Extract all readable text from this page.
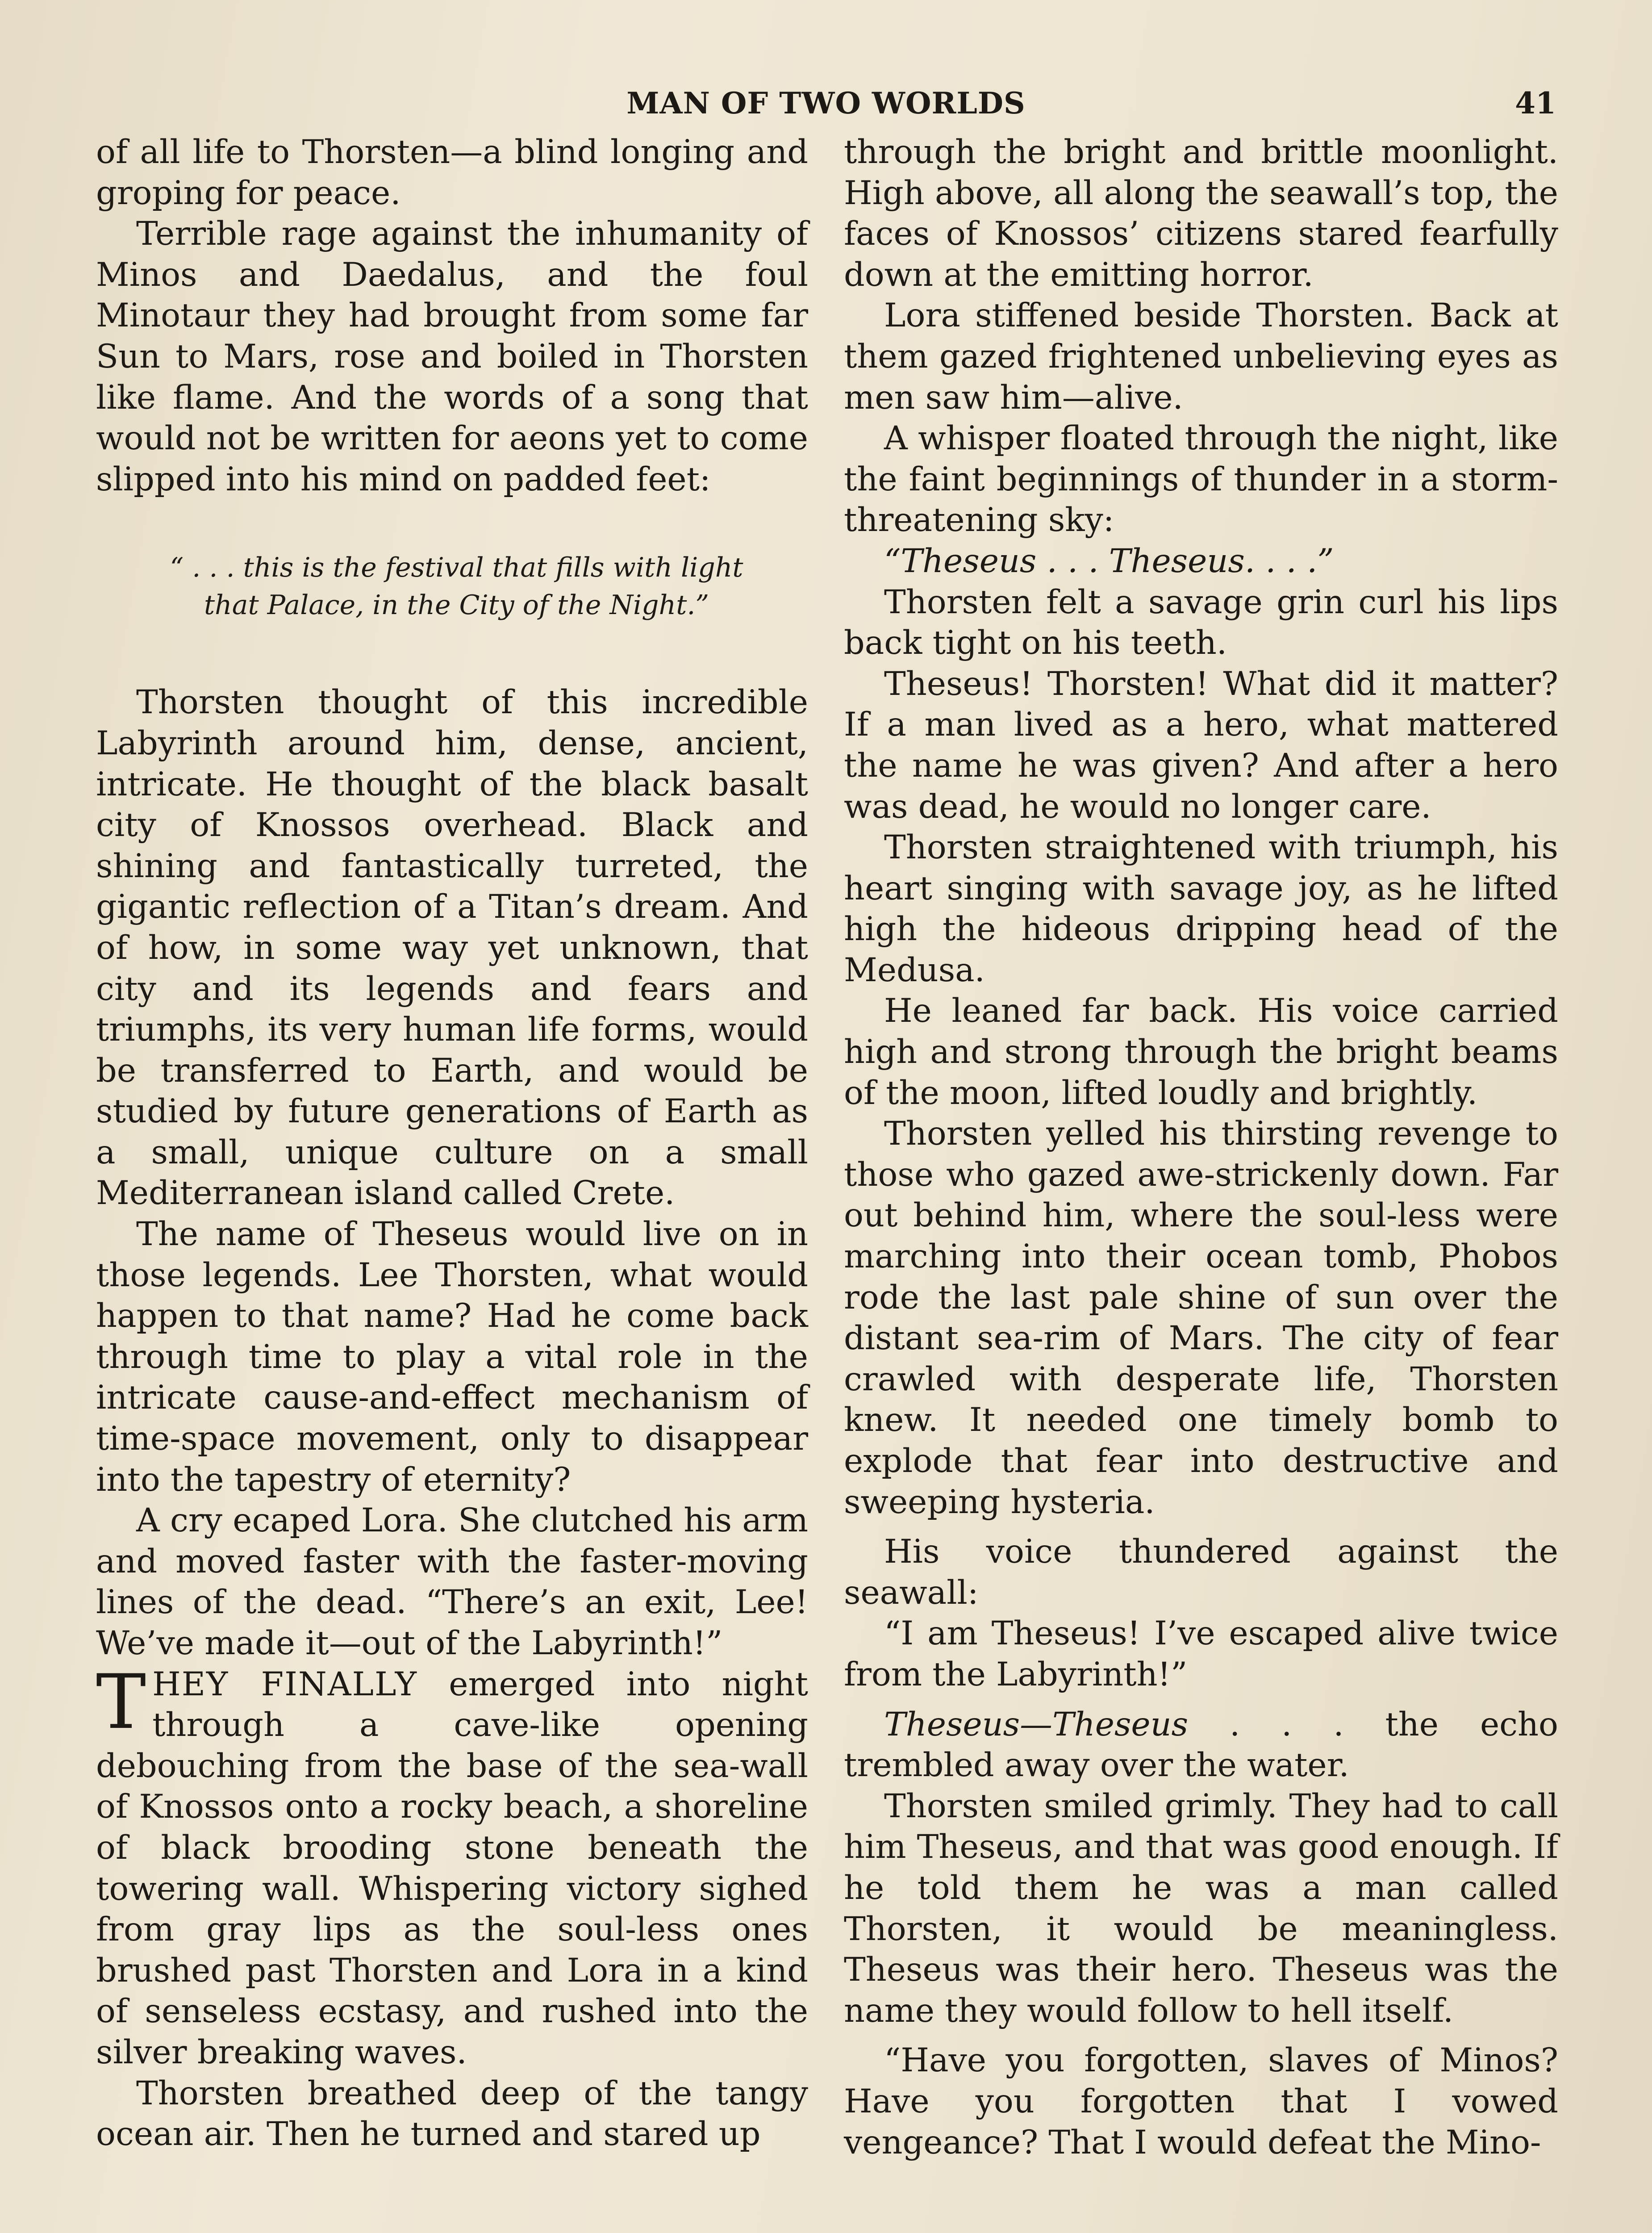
MAN OF TWO WORLDS	41

of all life to Thorsten—a blind longing and groping for peace.

Terrible rage against the inhumanity of Minos and Daedalus, and the foul Minotaur they had brought from some far Sun to Mars, rose and boiled in Thorsten like flame. And the words of a song that would not be written for aeons yet to come slipped into his mind on padded feet:

“ . . . this is the festival that fills with light
that Palace, in the City of the Night.”

Thorsten thought of this incredible Labyrinth around him, dense, ancient, intricate. He thought of the black basalt city of Knossos overhead. Black and shining and fantastically turreted, the gigantic reflection of a Titan’s dream. And of how, in some way yet unknown, that city and its legends and fears and triumphs, its very human life forms, would be transferred to Earth, and would be studied by future generations of Earth as a small, unique culture on a small Mediterranean island called Crete.

The name of Theseus would live on in those legends. Lee Thorsten, what would happen to that name? Had he come back through time to play a vital role in the intricate cause-and-effect mechanism of time-space movement, only to disappear into the tapestry of eternity?

A cry ecaped Lora. She clutched his arm and moved faster with the faster-moving lines of the dead. “There’s an exit, Lee! We’ve made it—out of the Labyrinth!”

THEY FINALLY emerged into night through a cave-like opening debouching from the base of the sea-wall of Knossos onto a rocky beach, a shoreline of black brooding stone beneath the towering wall. Whispering victory sighed from gray lips as the soul-less ones brushed past Thorsten and Lora in a kind of senseless ecstasy, and rushed into the silver breaking waves.

Thorsten breathed deep of the tangy ocean air. Then he turned and stared up

through the bright and brittle moonlight. High above, all along the seawall’s top, the faces of Knossos’ citizens stared fearfully down at the emitting horror.

Lora stiffened beside Thorsten. Back at them gazed frightened unbelieving eyes as men saw him—alive.

A whisper floated through the night, like the faint beginnings of thunder in a storm-threatening sky:

“Theseus . . . Theseus. . . .”

Thorsten felt a savage grin curl his lips back tight on his teeth.

Theseus! Thorsten! What did it matter? If a man lived as a hero, what mattered the name he was given? And after a hero was dead, he would no longer care.

Thorsten straightened with triumph, his heart singing with savage joy, as he lifted high the hideous dripping head of the Medusa.

He leaned far back. His voice carried high and strong through the bright beams of the moon, lifted loudly and brightly.

Thorsten yelled his thirsting revenge to those who gazed awe-strickenly down. Far out behind him, where the soul-less were marching into their ocean tomb, Phobos rode the last pale shine of sun over the distant sea-rim of Mars. The city of fear crawled with desperate life, Thorsten knew. It needed one timely bomb to explode that fear into destructive and sweeping hysteria.

His voice thundered against the seawall:

“I am Theseus! I’ve escaped alive twice from the Labyrinth!”

Theseus—Theseus . . . the echo trembled away over the water.

Thorsten smiled grimly. They had to call him Theseus, and that was good enough. If he told them he was a man called Thorsten, it would be meaningless. Theseus was their hero. Theseus was the name they would follow to hell itself.

“Have you forgotten, slaves of Minos? Have you forgotten that I vowed vengeance? That I would defeat the Mino-
